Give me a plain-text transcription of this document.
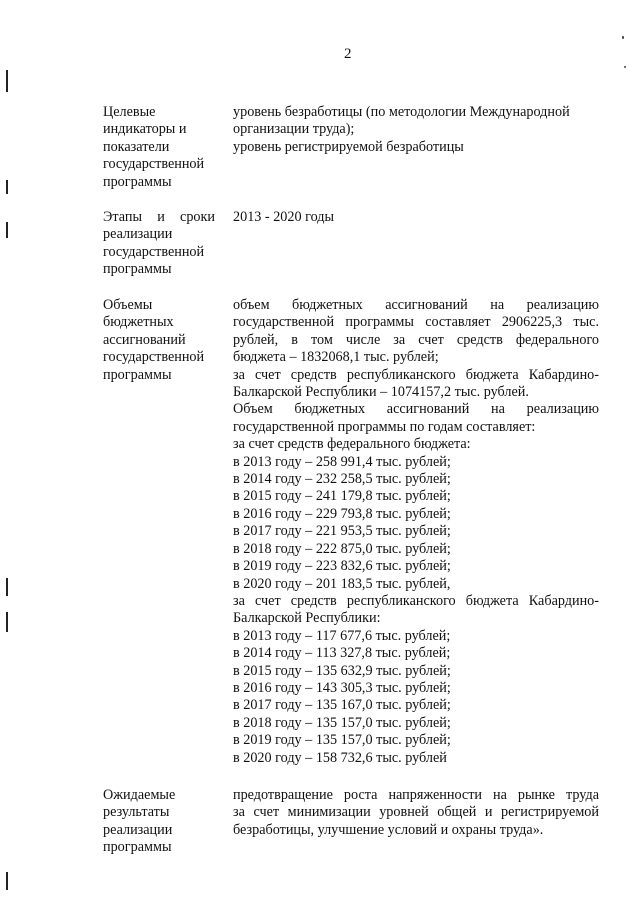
2
Целевые
индикаторы и
показатели
государственной
программы
уровень безработицы (по методологии Международной
организации труда);
уровень регистрируемой безработицы
Этапы и сроки
реализации
государственной
программы
2013 - 2020 годы
Объемы
бюджетных
ассигнований
государственной
программы
объем бюджетных ассигнований на реализацию
государственной программы составляет 2906225,3 тыс.
рублей, в том числе за счет средств федерального
бюджета – 1832068,1 тыс. рублей;
за счет средств республиканского бюджета Кабардино-
Балкарской Республики – 1074157,2 тыс. рублей.
Объем бюджетных ассигнований на реализацию
государственной программы по годам составляет:
за счет средств федерального бюджета:
в 2013 году – 258 991,4 тыс. рублей;
в 2014 году – 232 258,5 тыс. рублей;
в 2015 году – 241 179,8 тыс. рублей;
в 2016 году – 229 793,8 тыс. рублей;
в 2017 году – 221 953,5 тыс. рублей;
в 2018 году – 222 875,0 тыс. рублей;
в 2019 году – 223 832,6 тыс. рублей;
в 2020 году – 201 183,5 тыс. рублей,
за счет средств республиканского бюджета Кабардино-
Балкарской Республики:
в 2013 году – 117 677,6 тыс. рублей;
в 2014 году – 113 327,8 тыс. рублей;
в 2015 году – 135 632,9 тыс. рублей;
в 2016 году – 143 305,3 тыс. рублей;
в 2017 году – 135 167,0 тыс. рублей;
в 2018 году – 135 157,0 тыс. рублей;
в 2019 году – 135 157,0 тыс. рублей;
в 2020 году – 158 732,6 тыс. рублей
Ожидаемые
результаты
реализации
программы
предотвращение роста напряженности на рынке труда
за счет минимизации уровней общей и регистрируемой
безработицы, улучшение условий и охраны труда».
